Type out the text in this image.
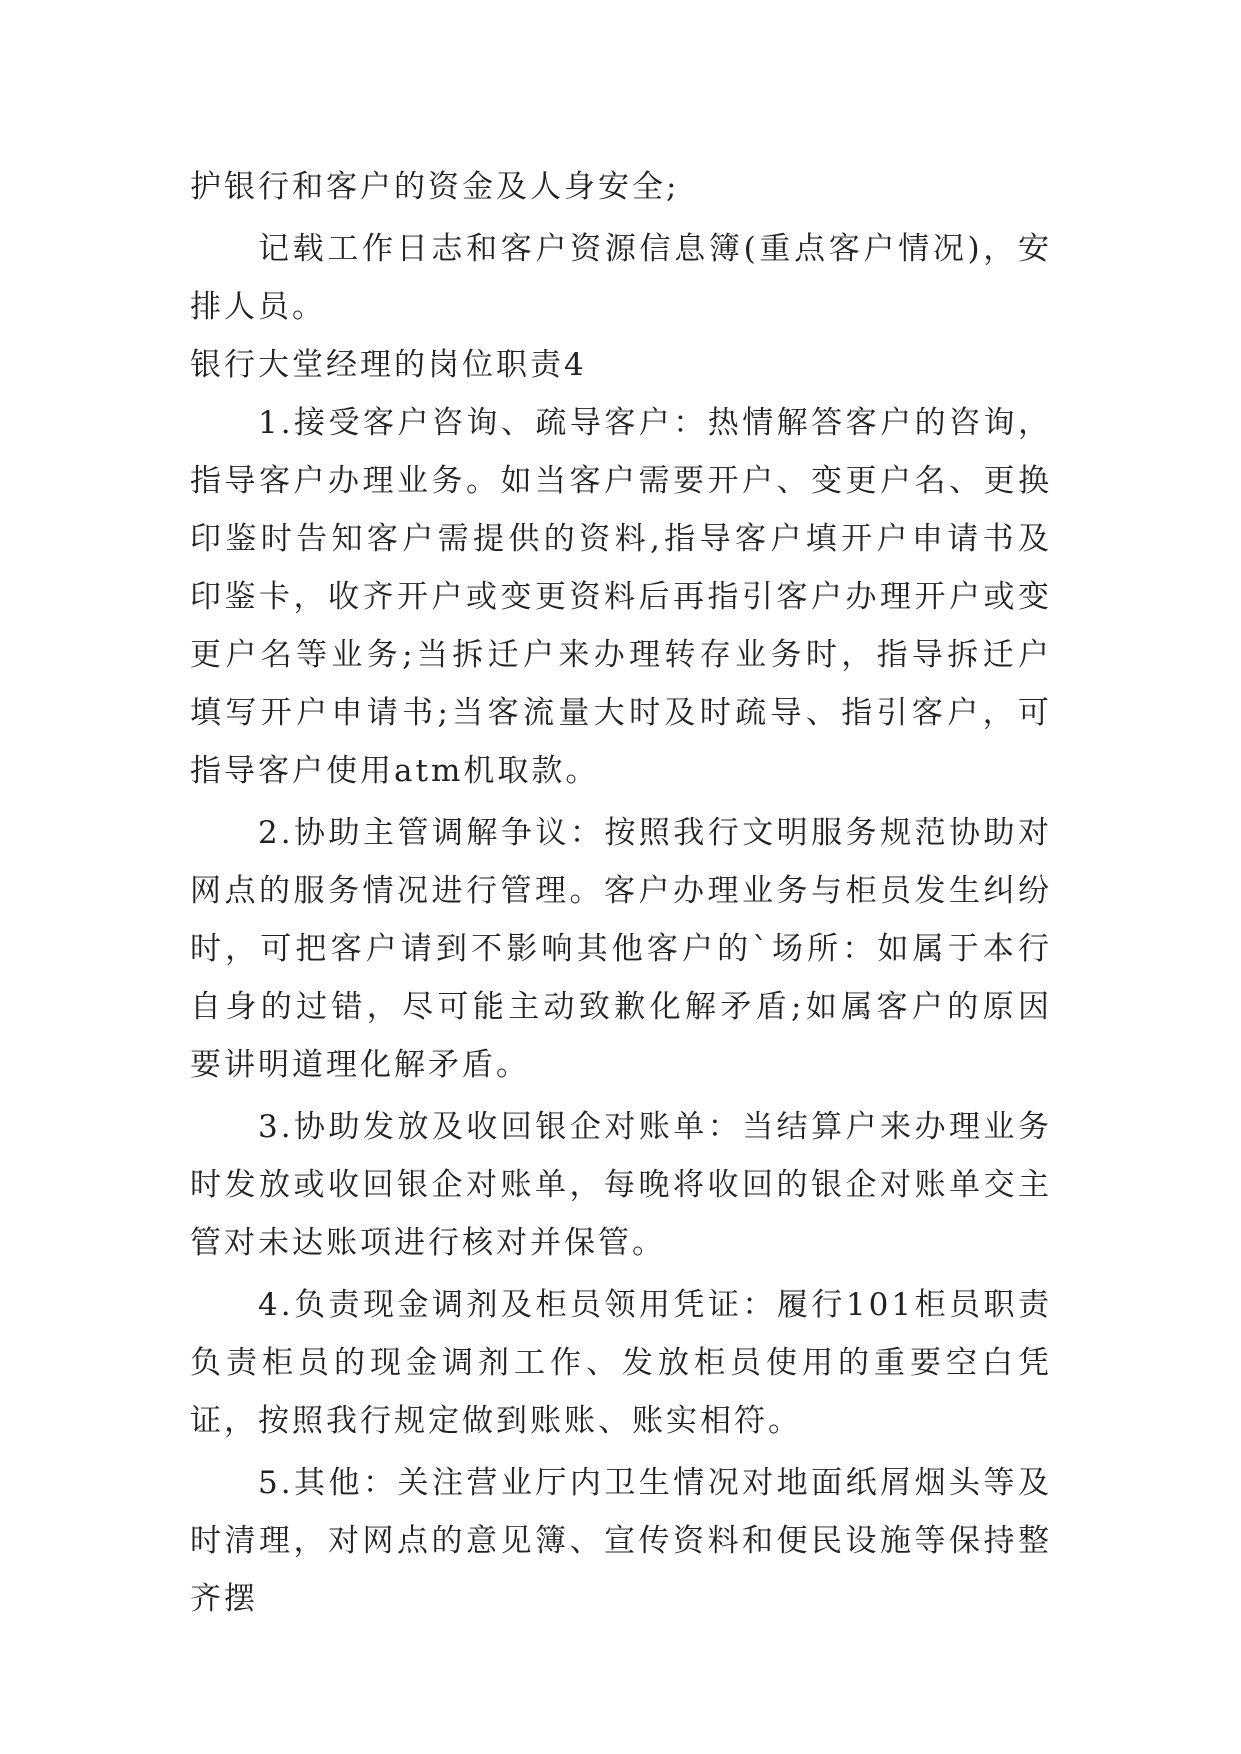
护银行和客户的资金及人身安全;

记载工作日志和客户资源信息簿(重点客户情况)，安排人员。

银行大堂经理的岗位职责4

1.接受客户咨询、疏导客户：热情解答客户的咨询，指导客户办理业务。如当客户需要开户、变更户名、更换印鉴时告知客户需提供的资料,指导客户填开户申请书及印鉴卡，收齐开户或变更资料后再指引客户办理开户或变更户名等业务;当拆迁户来办理转存业务时，指导拆迁户填写开户申请书;当客流量大时及时疏导、指引客户，可指导客户使用atm机取款。

2.协助主管调解争议：按照我行文明服务规范协助对网点的服务情况进行管理。客户办理业务与柜员发生纠纷时，可把客户请到不影响其他客户的`场所：如属于本行自身的过错，尽可能主动致歉化解矛盾;如属客户的原因要讲明道理化解矛盾。

3.协助发放及收回银企对账单：当结算户来办理业务时发放或收回银企对账单，每晚将收回的银企对账单交主管对未达账项进行核对并保管。

4.负责现金调剂及柜员领用凭证：履行101柜员职责负责柜员的现金调剂工作、发放柜员使用的重要空白凭证，按照我行规定做到账账、账实相符。

5.其他：关注营业厅内卫生情况对地面纸屑烟头等及时清理，对网点的意见簿、宣传资料和便民设施等保持整齐摆
